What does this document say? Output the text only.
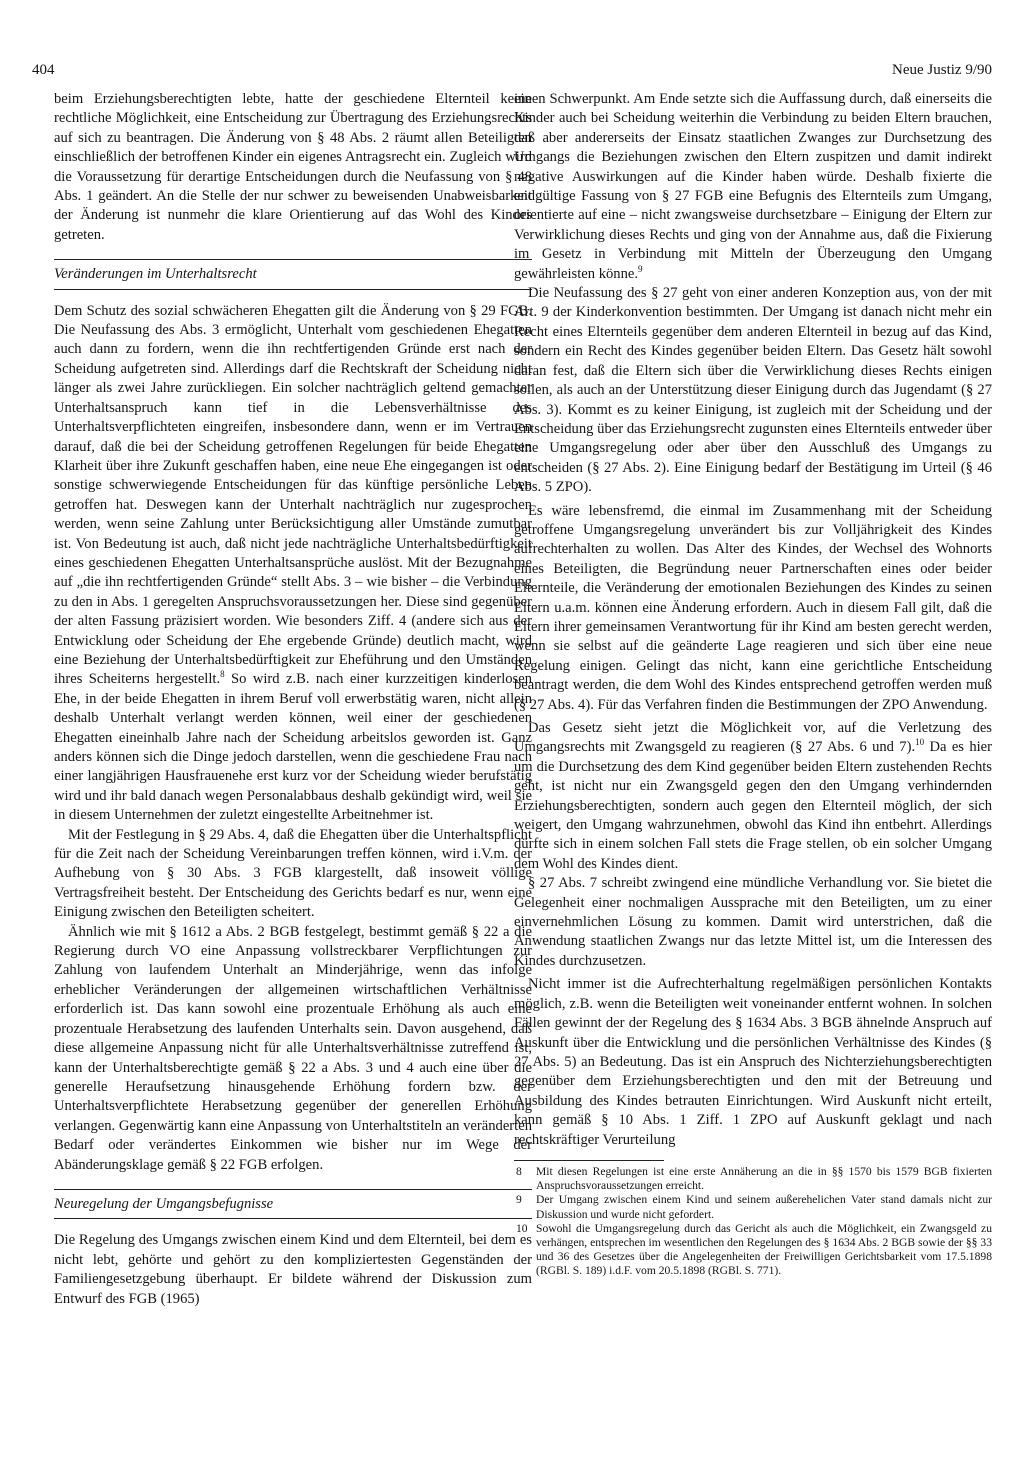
404	Neue Justiz 9/90

beim Erziehungsberechtigten lebte, hatte der geschiedene Elternteil keine rechtliche Möglichkeit, eine Entscheidung zur Übertragung des Erziehungsrechts auf sich zu beantragen. Die Änderung von § 48 Abs. 2 räumt allen Beteiligten einschließlich der betroffenen Kinder ein eigenes Antragsrecht ein. Zugleich wird die Voraussetzung für derartige Entscheidungen durch die Neufassung von § 48 Abs. 1 geändert. An die Stelle der nur schwer zu beweisenden Unabweisbarkeit der Änderung ist nunmehr die klare Orientierung auf das Wohl des Kindes getreten.

Veränderungen im Unterhaltsrecht

Dem Schutz des sozial schwächeren Ehegatten gilt die Änderung von § 29 FGB. Die Neufassung des Abs. 3 ermöglicht, Unterhalt vom geschiedenen Ehegatten auch dann zu fordern, wenn die ihn rechtfertigenden Gründe erst nach der Scheidung aufgetreten sind. Allerdings darf die Rechtskraft der Scheidung nicht länger als zwei Jahre zurückliegen. Ein solcher nachträglich geltend gemachter Unterhaltsanspruch kann tief in die Lebensverhältnisse des Unterhaltsverpflichteten eingreifen, insbesondere dann, wenn er im Vertrauen darauf, daß die bei der Scheidung getroffenen Regelungen für beide Ehegatten Klarheit über ihre Zukunft geschaffen haben, eine neue Ehe eingegangen ist oder sonstige schwerwiegende Entscheidungen für das künftige persönliche Leben getroffen hat. Deswegen kann der Unterhalt nachträglich nur zugesprochen werden, wenn seine Zahlung unter Berücksichtigung aller Umstände zumutbar ist. Von Bedeutung ist auch, daß nicht jede nachträgliche Unterhaltsbedürftigkeit eines geschiedenen Ehegatten Unterhaltsansprüche auslöst. Mit der Bezugnahme auf „die ihn rechtfertigenden Gründe“ stellt Abs. 3 – wie bisher – die Verbindung zu den in Abs. 1 geregelten Anspruchsvoraussetzungen her. Diese sind gegenüber der alten Fassung präzisiert worden. Wie besonders Ziff. 4 (andere sich aus der Entwicklung oder Scheidung der Ehe ergebende Gründe) deutlich macht, wird eine Beziehung der Unterhaltsbedürftigkeit zur Eheführung und den Umständen ihres Scheiterns hergestellt.$^8$ So wird z.B. nach einer kurzzeitigen kinderlosen Ehe, in der beide Ehegatten in ihrem Beruf voll erwerbstätig waren, nicht allein deshalb Unterhalt verlangt werden können, weil einer der geschiedenen Ehegatten eineinhalb Jahre nach der Scheidung arbeitslos geworden ist. Ganz anders können sich die Dinge jedoch darstellen, wenn die geschiedene Frau nach einer langjährigen Hausfrauenehe erst kurz vor der Scheidung wieder berufstätig wird und ihr bald danach wegen Personalabbaus deshalb gekündigt wird, weil sie in diesem Unternehmen der zuletzt eingestellte Arbeitnehmer ist.

Mit der Festlegung in § 29 Abs. 4, daß die Ehegatten über die Unterhaltspflicht für die Zeit nach der Scheidung Vereinbarungen treffen können, wird i.V.m. der Aufhebung von § 30 Abs. 3 FGB klargestellt, daß insoweit völlige Vertragsfreiheit besteht. Der Entscheidung des Gerichts bedarf es nur, wenn eine Einigung zwischen den Beteiligten scheitert.

Ähnlich wie mit § 1612 a Abs. 2 BGB festgelegt, bestimmt gemäß § 22 a die Regierung durch VO eine Anpassung vollstreckbarer Verpflichtungen zur Zahlung von laufendem Unterhalt an Minderjährige, wenn das infolge erheblicher Veränderungen der allgemeinen wirtschaftlichen Verhältnisse erforderlich ist. Das kann sowohl eine prozentuale Erhöhung als auch eine prozentuale Herabsetzung des laufenden Unterhalts sein. Davon ausgehend, daß diese allgemeine Anpassung nicht für alle Unterhaltsverhältnisse zutreffend ist, kann der Unterhaltsberechtigte gemäß § 22 a Abs. 3 und 4 auch eine über die generelle Heraufsetzung hinausgehende Erhöhung fordern bzw. der Unterhaltsverpflichtete Herabsetzung gegenüber der generellen Erhöhung verlangen. Gegenwärtig kann eine Anpassung von Unterhaltstiteln an veränderten Bedarf oder verändertes Einkommen wie bisher nur im Wege der Abänderungsklage gemäß § 22 FGB erfolgen.

Neuregelung der Umgangsbefugnisse

Die Regelung des Umgangs zwischen einem Kind und dem Elternteil, bei dem es nicht lebt, gehörte und gehört zu den kompliziertesten Gegenständen der Familiengesetzgebung überhaupt. Er bildete während der Diskussion zum Entwurf des FGB (1965)

einen Schwerpunkt. Am Ende setzte sich die Auffassung durch, daß einerseits die Kinder auch bei Scheidung weiterhin die Verbindung zu beiden Eltern brauchen, daß aber andererseits der Einsatz staatlichen Zwanges zur Durchsetzung des Umgangs die Beziehungen zwischen den Eltern zuspitzen und damit indirekt negative Auswirkungen auf die Kinder haben würde. Deshalb fixierte die endgültige Fassung von § 27 FGB eine Befugnis des Elternteils zum Umgang, orientierte auf eine – nicht zwangsweise durchsetzbare – Einigung der Eltern zur Verwirklichung dieses Rechts und ging von der Annahme aus, daß die Fixierung im Gesetz in Verbindung mit Mitteln der Überzeugung den Umgang gewährleisten könne.$^9$

Die Neufassung des § 27 geht von einer anderen Konzeption aus, von der mit Art. 9 der Kinderkonvention bestimmten. Der Umgang ist danach nicht mehr ein Recht eines Elternteils gegenüber dem anderen Elternteil in bezug auf das Kind, sondern ein Recht des Kindes gegenüber beiden Eltern. Das Gesetz hält sowohl daran fest, daß die Eltern sich über die Verwirklichung dieses Rechts einigen sollen, als auch an der Unterstützung dieser Einigung durch das Jugendamt (§ 27 Abs. 3). Kommt es zu keiner Einigung, ist zugleich mit der Scheidung und der Entscheidung über das Erziehungsrecht zugunsten eines Elternteils entweder über eine Umgangsregelung oder aber über den Ausschluß des Umgangs zu entscheiden (§ 27 Abs. 2). Eine Einigung bedarf der Bestätigung im Urteil (§ 46 Abs. 5 ZPO).

Es wäre lebensfremd, die einmal im Zusammenhang mit der Scheidung getroffene Umgangsregelung unverändert bis zur Volljährigkeit des Kindes aufrechterhalten zu wollen. Das Alter des Kindes, der Wechsel des Wohnorts eines Beteiligten, die Begründung neuer Partnerschaften eines oder beider Elternteile, die Veränderung der emotionalen Beziehungen des Kindes zu seinen Eltern u.a.m. können eine Änderung erfordern. Auch in diesem Fall gilt, daß die Eltern ihrer gemeinsamen Verantwortung für ihr Kind am besten gerecht werden, wenn sie selbst auf die geänderte Lage reagieren und sich über eine neue Regelung einigen. Gelingt das nicht, kann eine gerichtliche Entscheidung beantragt werden, die dem Wohl des Kindes entsprechend getroffen werden muß (§ 27 Abs. 4). Für das Verfahren finden die Bestimmungen der ZPO Anwendung.

Das Gesetz sieht jetzt die Möglichkeit vor, auf die Verletzung des Umgangsrechts mit Zwangsgeld zu reagieren (§ 27 Abs. 6 und 7).$^{10}$ Da es hier um die Durchsetzung des dem Kind gegenüber beiden Eltern zustehenden Rechts geht, ist nicht nur ein Zwangsgeld gegen den den Umgang verhindernden Erziehungsberechtigten, sondern auch gegen den Elternteil möglich, der sich weigert, den Umgang wahrzunehmen, obwohl das Kind ihn entbehrt. Allerdings dürfte sich in einem solchen Fall stets die Frage stellen, ob ein solcher Umgang dem Wohl des Kindes dient.

§ 27 Abs. 7 schreibt zwingend eine mündliche Verhandlung vor. Sie bietet die Gelegenheit einer nochmaligen Aussprache mit den Beteiligten, um zu einer einvernehmlichen Lösung zu kommen. Damit wird unterstrichen, daß die Anwendung staatlichen Zwangs nur das letzte Mittel ist, um die Interessen des Kindes durchzusetzen.

Nicht immer ist die Aufrechterhaltung regelmäßigen persönlichen Kontakts möglich, z.B. wenn die Beteiligten weit voneinander entfernt wohnen. In solchen Fällen gewinnt der der Regelung des § 1634 Abs. 3 BGB ähnelnde Anspruch auf Auskunft über die Entwicklung und die persönlichen Verhältnisse des Kindes (§ 27 Abs. 5) an Bedeutung. Das ist ein Anspruch des Nichterziehungsberechtigten gegenüber dem Erziehungsberechtigten und den mit der Betreuung und Ausbildung des Kindes betrauten Einrichtungen. Wird Auskunft nicht erteilt, kann gemäß § 10 Abs. 1 Ziff. 1 ZPO auf Auskunft geklagt und nach rechtskräftiger Verurteilung

8	Mit diesen Regelungen ist eine erste Annäherung an die in §§ 1570 bis 1579 BGB fixierten Anspruchsvoraussetzungen erreicht.
9	Der Umgang zwischen einem Kind und seinem außerehelichen Vater stand damals nicht zur Diskussion und wurde nicht gefordert.
10 Sowohl die Umgangsregelung durch das Gericht als auch die Möglichkeit, ein Zwangsgeld zu verhängen, entsprechen im wesentlichen den Regelungen des § 1634 Abs. 2 BGB sowie der §§ 33 und 36 des Gesetzes über die Angelegenheiten der Freiwilligen Gerichtsbarkeit vom 17.5.1898 (RGBl. S. 189) i.d.F. vom 20.5.1898 (RGBl. S. 771).
